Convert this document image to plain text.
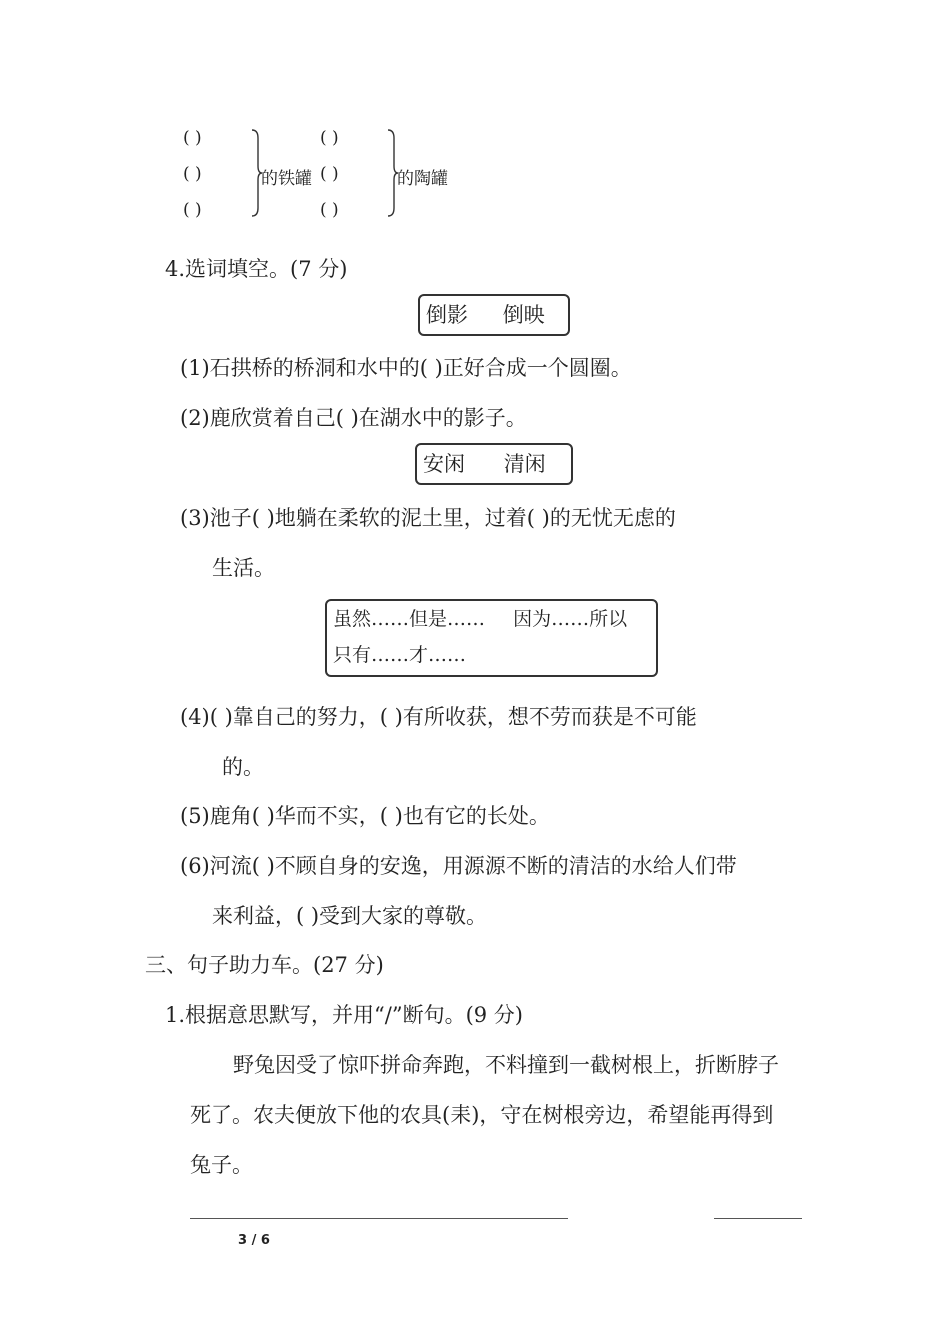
( )
( )
( )
的铁罐
( )
( )
( )
的陶罐
4.选词填空。(7 分)
倒影 倒映
(1)石拱桥的桥洞和水中的( )正好合成一个圆圈。
(2)鹿欣赏着自己( )在湖水中的影子。
安闲 清闲
(3)池子( )地躺在柔软的泥土里，过着( )的无忧无虑的
生活。
虽然……但是…… 因为……所以
只有……才……
(4)( )靠自己的努力，( )有所收获，想不劳而获是不可能
的。
(5)鹿角( )华而不实，( )也有它的长处。
(6)河流( )不顾自身的安逸，用源源不断的清洁的水给人们带
来利益，( )受到大家的尊敬。
三、句子助力车。(27 分)
1.根据意思默写，并用“/”断句。(9 分)
野兔因受了惊吓拼命奔跑，不料撞到一截树根上，折断脖子
死了。农夫便放下他的农具(耒)，守在树根旁边，希望能再得到
兔子。
3 / 6
